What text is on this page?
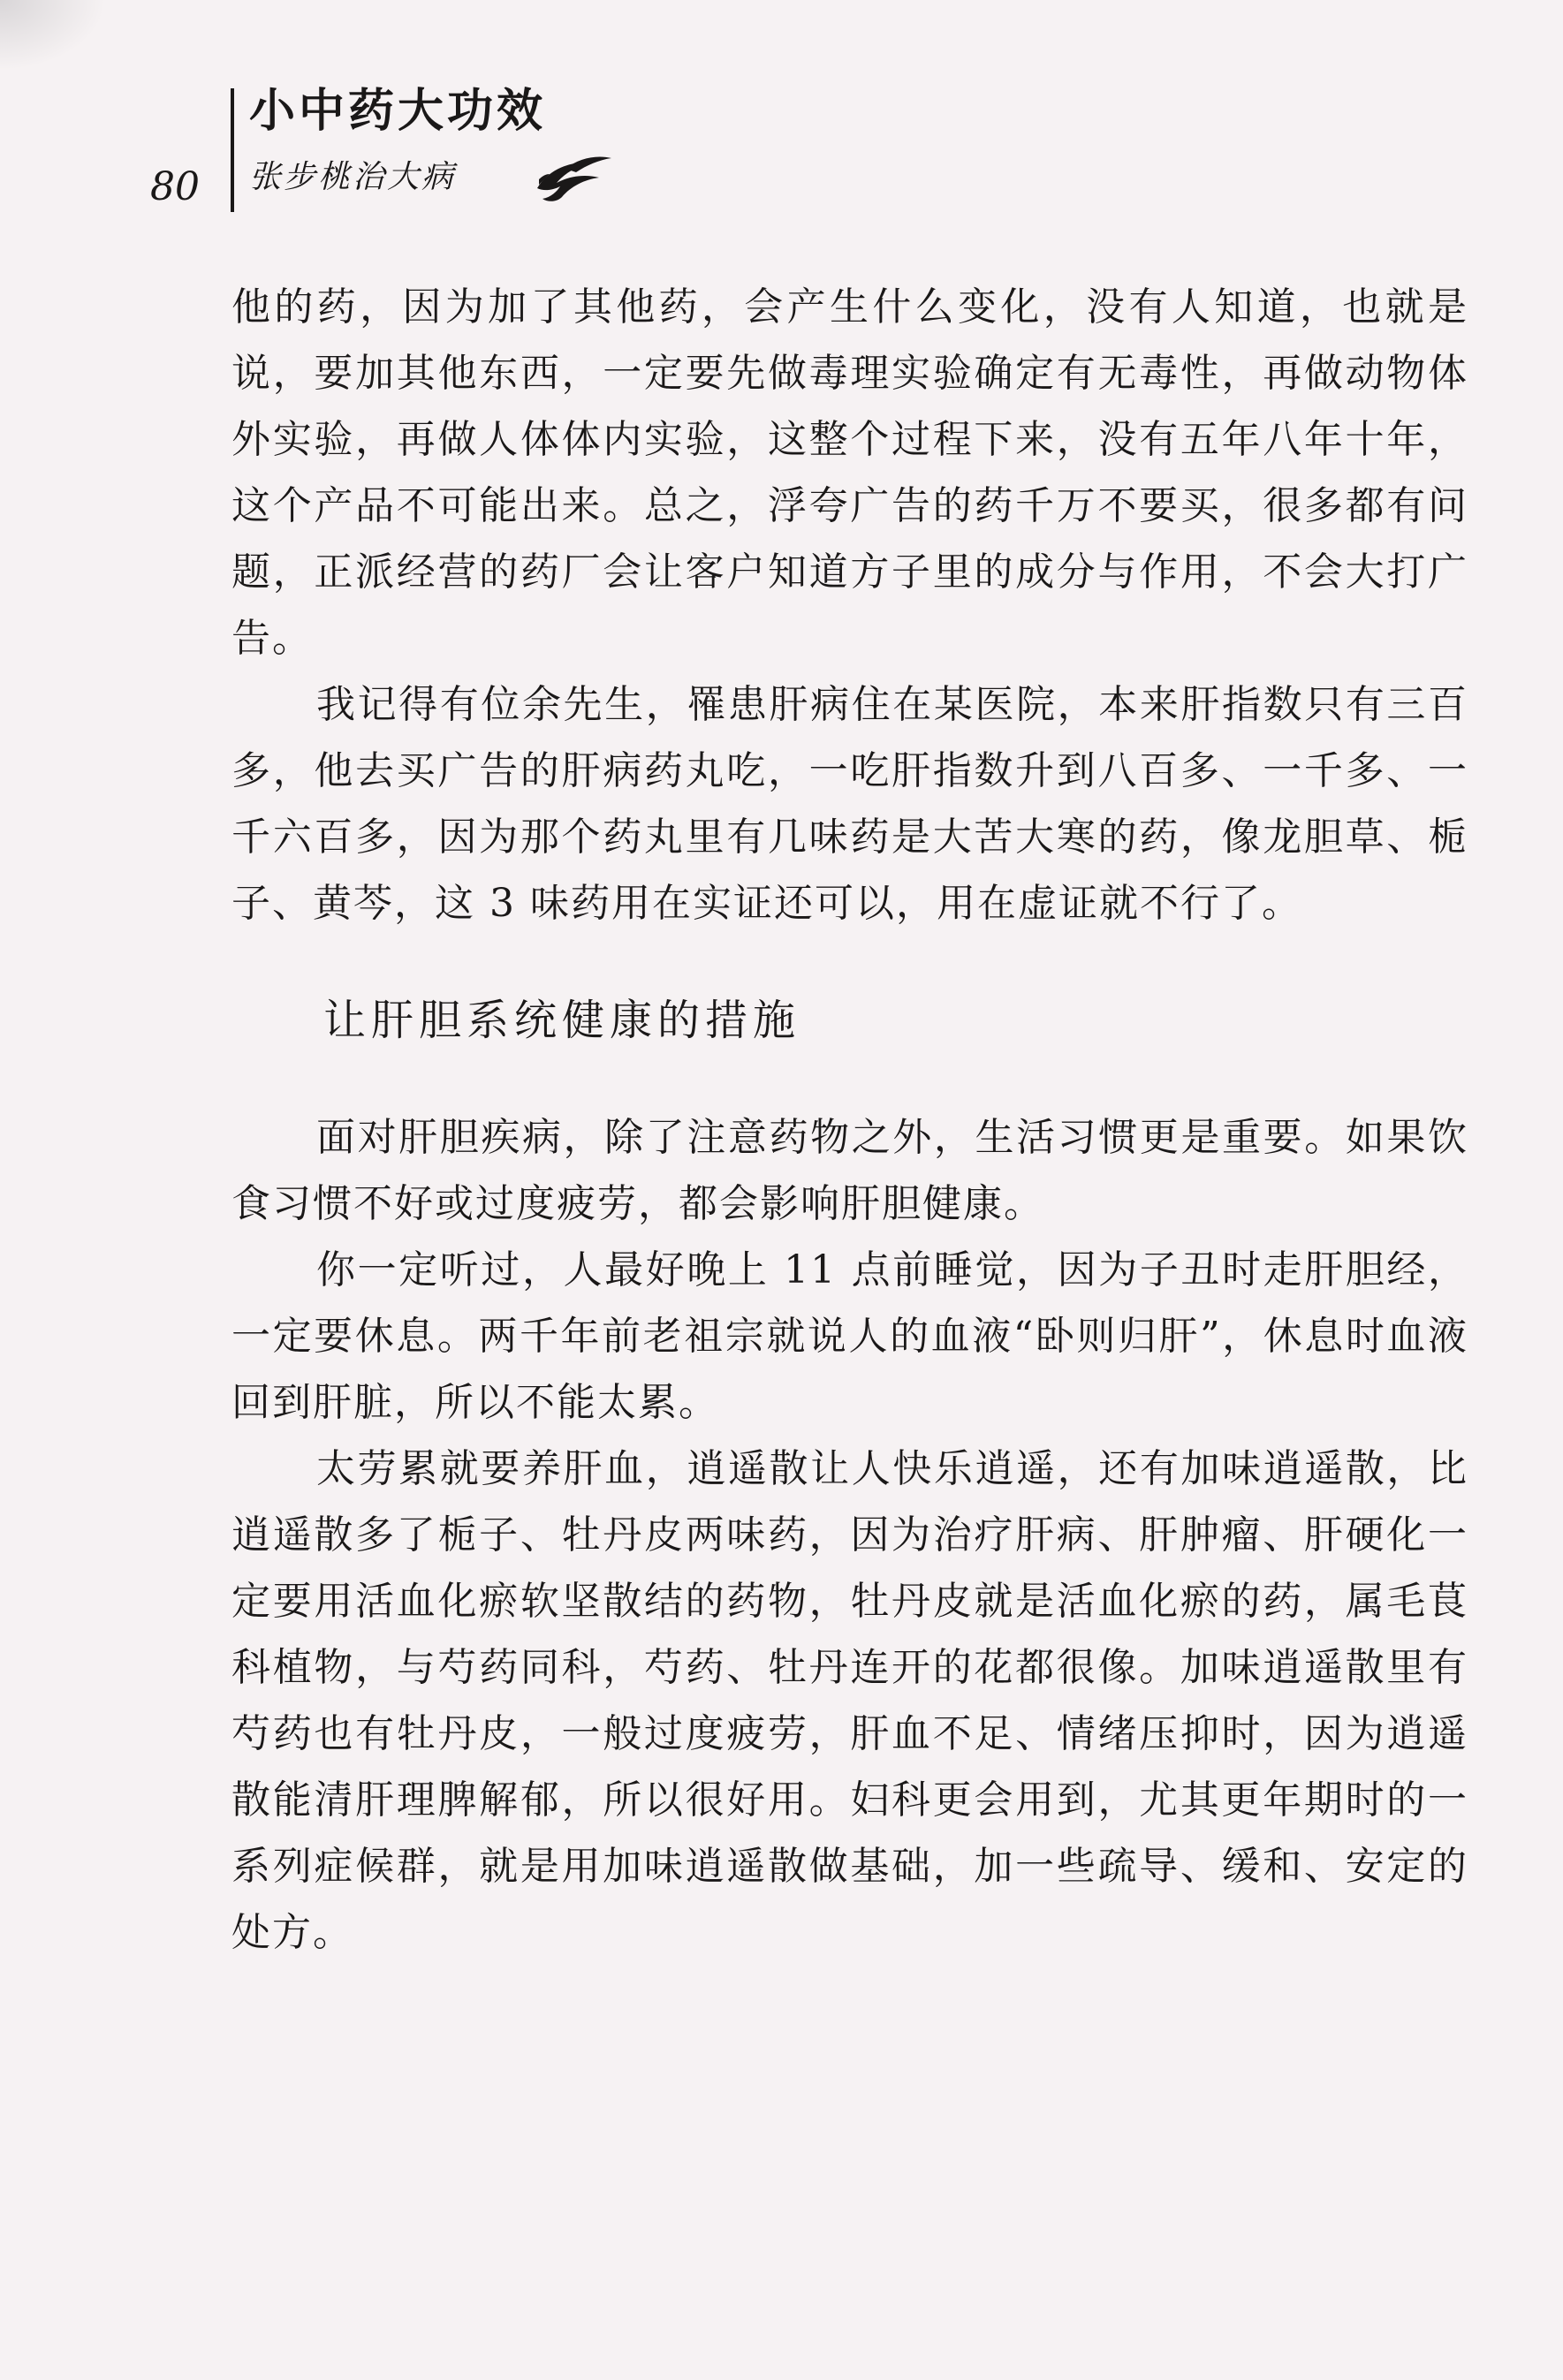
80
小中药大功效
张步桃治大病

他的药，因为加了其他药，会产生什么变化，没有人知道，也就是说，要加其他东西，一定要先做毒理实验确定有无毒性，再做动物体外实验，再做人体体内实验，这整个过程下来，没有五年八年十年，这个产品不可能出来。总之，浮夸广告的药千万不要买，很多都有问题，正派经营的药厂会让客户知道方子里的成分与作用，不会大打广告。

我记得有位余先生，罹患肝病住在某医院，本来肝指数只有三百多，他去买广告的肝病药丸吃，一吃肝指数升到八百多、一千多、一千六百多，因为那个药丸里有几味药是大苦大寒的药，像龙胆草、栀子、黄芩，这 3 味药用在实证还可以，用在虚证就不行了。

让肝胆系统健康的措施

面对肝胆疾病，除了注意药物之外，生活习惯更是重要。如果饮食习惯不好或过度疲劳，都会影响肝胆健康。

你一定听过，人最好晚上 11 点前睡觉，因为子丑时走肝胆经，一定要休息。两千年前老祖宗就说人的血液“卧则归肝”，休息时血液回到肝脏，所以不能太累。

太劳累就要养肝血，逍遥散让人快乐逍遥，还有加味逍遥散，比逍遥散多了栀子、牡丹皮两味药，因为治疗肝病、肝肿瘤、肝硬化一定要用活血化瘀软坚散结的药物，牡丹皮就是活血化瘀的药，属毛茛科植物，与芍药同科，芍药、牡丹连开的花都很像。加味逍遥散里有芍药也有牡丹皮，一般过度疲劳，肝血不足、情绪压抑时，因为逍遥散能清肝理脾解郁，所以很好用。妇科更会用到，尤其更年期时的一系列症候群，就是用加味逍遥散做基础，加一些疏导、缓和、安定的处方。
